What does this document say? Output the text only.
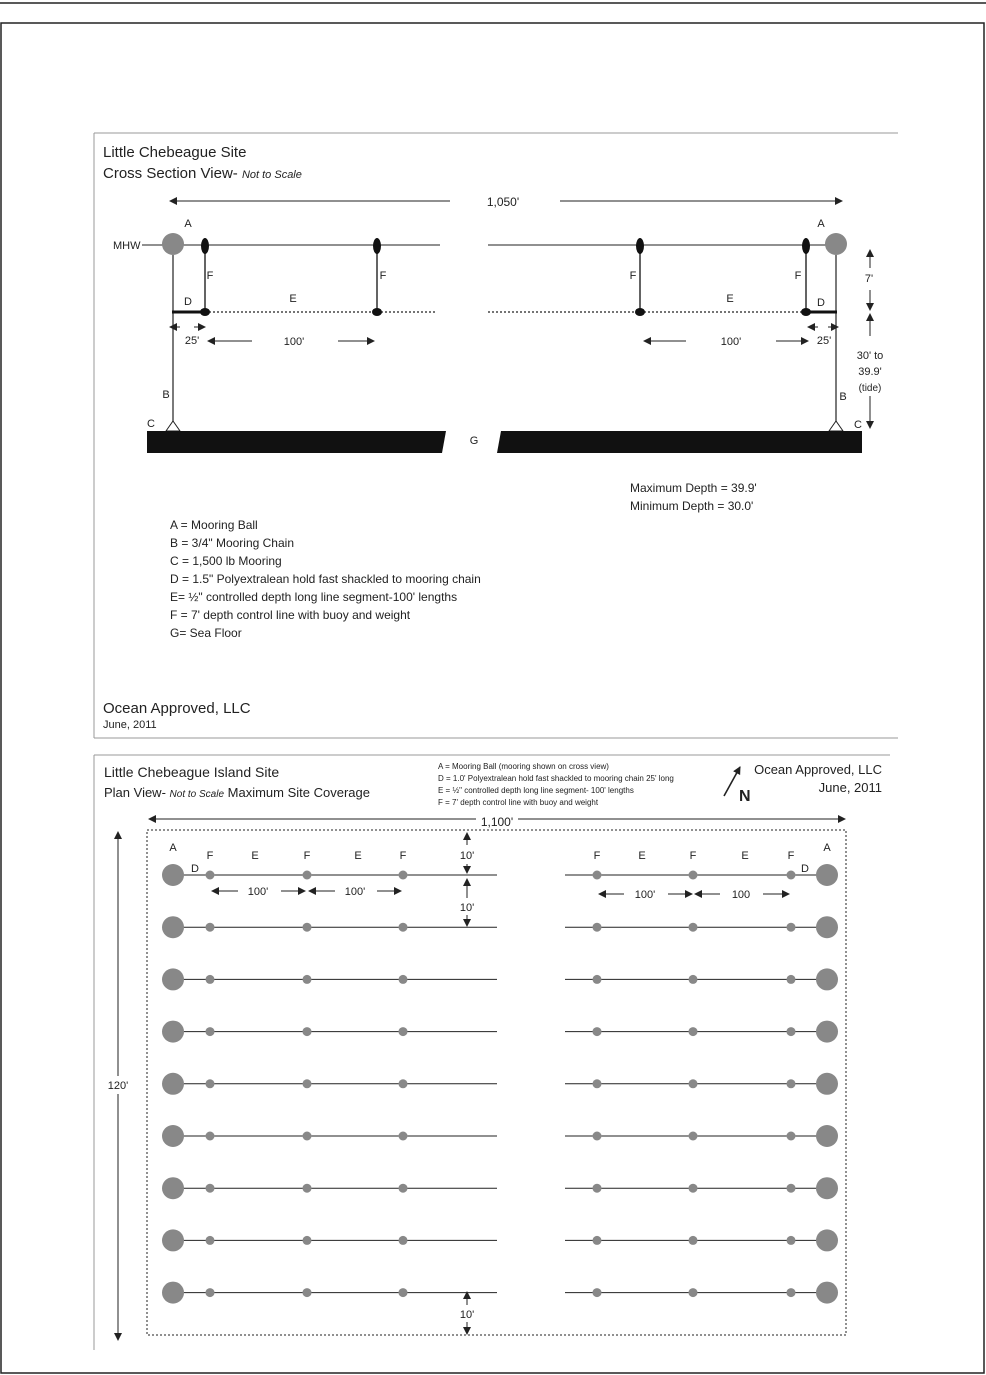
Little Chebeague Site
Cross Section View- Not to Scale
1,050'
MHW
A	A
B	B
C	C
G
D	D
E	E
F	F	F	F
25'	25'
100'	100'
7'
30' to
39.9'
(tide)
Maximum Depth = 39.9'
Minimum Depth = 30.0'
A = Mooring Ball
B = 3/4" Mooring Chain
C = 1,500 lb Mooring
D = 1.5" Polyextralean hold fast shackled to mooring chain
E= ½" controlled depth long line segment-100' lengths
F = 7' depth control line with buoy and weight
G= Sea Floor
Ocean Approved, LLC
June, 2011
Little Chebeague Island Site
Plan View- Not to Scale Maximum Site Coverage
A = Mooring Ball (mooring shown on cross view)
D = 1.0' Polyextralean hold fast shackled to mooring chain 25' long
E = ½" controlled depth long line segment- 100' lengths
F = 7' depth control line with buoy and weight	N
Ocean Approved, LLC
June, 2011
1,100'
120'
A
D
F	E	F	E	F	F	E	F	E	F
D
A
100'	100'	100'	100
10'
10'
10'
